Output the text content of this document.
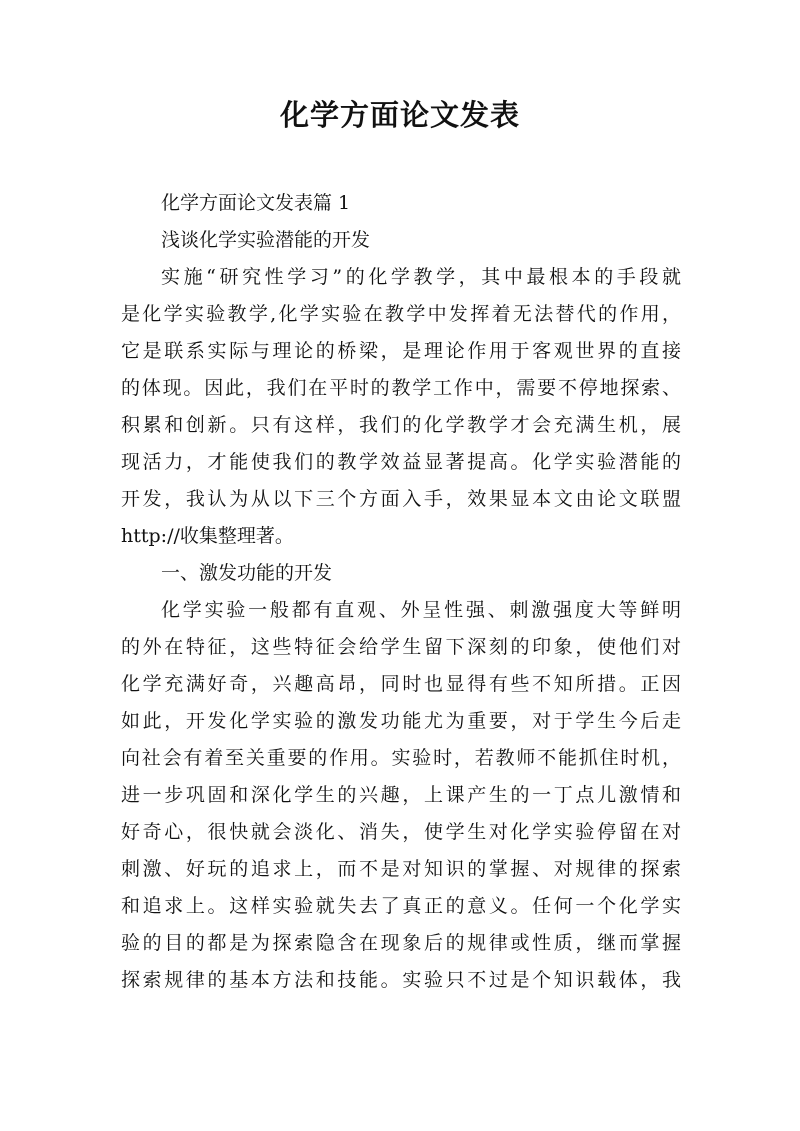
化学方面论文发表
化学方面论文发表篇 1
浅谈化学实验潜能的开发
实施“研究性学习”的化学教学，其中最根本的手段就
是化学实验教学,化学实验在教学中发挥着无法替代的作用，
它是联系实际与理论的桥梁，是理论作用于客观世界的直接
的体现。因此，我们在平时的教学工作中，需要不停地探索、
积累和创新。只有这样，我们的化学教学才会充满生机，展
现活力，才能使我们的教学效益显著提高。化学实验潜能的
开发，我认为从以下三个方面入手，效果显本文由论文联盟
http://收集整理著。
一、激发功能的开发
化学实验一般都有直观、外呈性强、刺激强度大等鲜明
的外在特征，这些特征会给学生留下深刻的印象，使他们对
化学充满好奇，兴趣高昂，同时也显得有些不知所措。正因
如此，开发化学实验的激发功能尤为重要，对于学生今后走
向社会有着至关重要的作用。实验时，若教师不能抓住时机，
进一步巩固和深化学生的兴趣，上课产生的一丁点儿激情和
好奇心，很快就会淡化、消失，使学生对化学实验停留在对
刺激、好玩的追求上，而不是对知识的掌握、对规律的探索
和追求上。这样实验就失去了真正的意义。任何一个化学实
验的目的都是为探索隐含在现象后的规律或性质，继而掌握
探索规律的基本方法和技能。实验只不过是个知识载体，我
